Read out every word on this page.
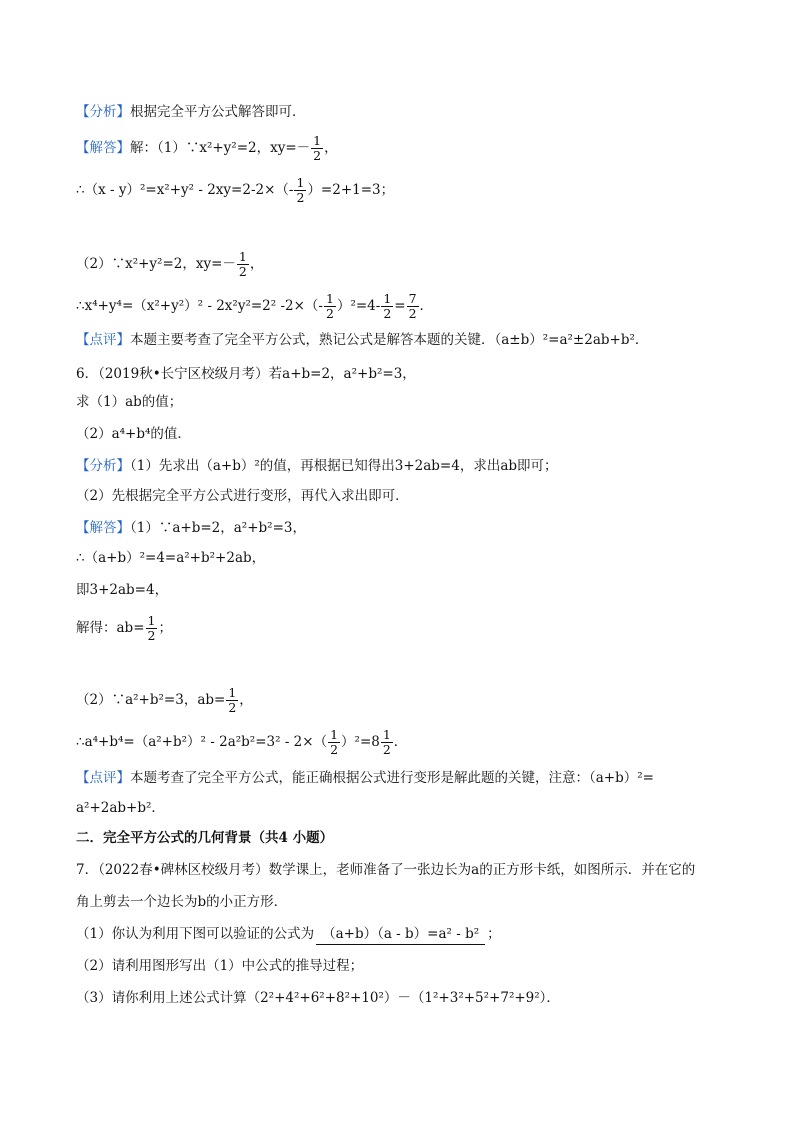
【分析】根据完全平方公式解答即可．
【解答】解：（1）∵x²+y²=2，$xy=- \frac{1}{2}$ ，
∴（x - $y)^2=x^2+y^2 - 2xy=2-2\times(- \frac{1}{2} )=2+1=3$；
（2）∵x²+y²=2，$xy=- \frac{1}{2}$ ，
∴x⁴+y⁴=（x²+y²）² - 2x²y²=2² $-2\times(- \frac{1}{2} )^2=4- \frac{1}{2} = \frac{7}{2}$ ．
【点评】本题主要考查了完全平方公式，熟记公式是解答本题的关键．（a±b）²=a²±2ab+b²．
6．（2019秋•长宁区校级月考）若a+b=2，a²+b²=3，
求（1）ab的值；
（2）a⁴+b⁴的值．
【分析】（1）先求出（a+b）²的值，再根据已知得出3+2ab=4，求出ab即可；
（2）先根据完全平方公式进行变形，再代入求出即可．
【解答】（1）∵a+b=2，a²+b²=3，
∴（a+b）²=4=a²+b²+2ab，
即3+2ab=4，
解得：$ab= \frac{1}{2}$ ；
（2）∵a²+b²=3，$ab= \frac{1}{2}$ ，
∴a⁴+b⁴=（a²+b²）² - $2a^2b^2=3^2 - 2\times( \frac{1}{2} )^2=8 \frac{1}{2}$ ．
【点评】本题考查了完全平方公式，能正确根据公式进行变形是解此题的关键，注意：（a+b）²=
a²+2ab+b²．
二．完全平方公式的几何背景（共4 小题）
7．（2022春•碑林区校级月考）数学课上，老师准备了一张边长为a的正方形卡纸，如图所示．并在它的
角上剪去一个边长为b的小正方形．
（1）你认为利用下图可以验证的公式为 （a+b）（a - b）=a² - b² ；
（2）请利用图形写出（1）中公式的推导过程；
（3）请你利用上述公式计算（2²+4²+6²+8²+10²）－（1²+3²+5²+7²+9²）．
